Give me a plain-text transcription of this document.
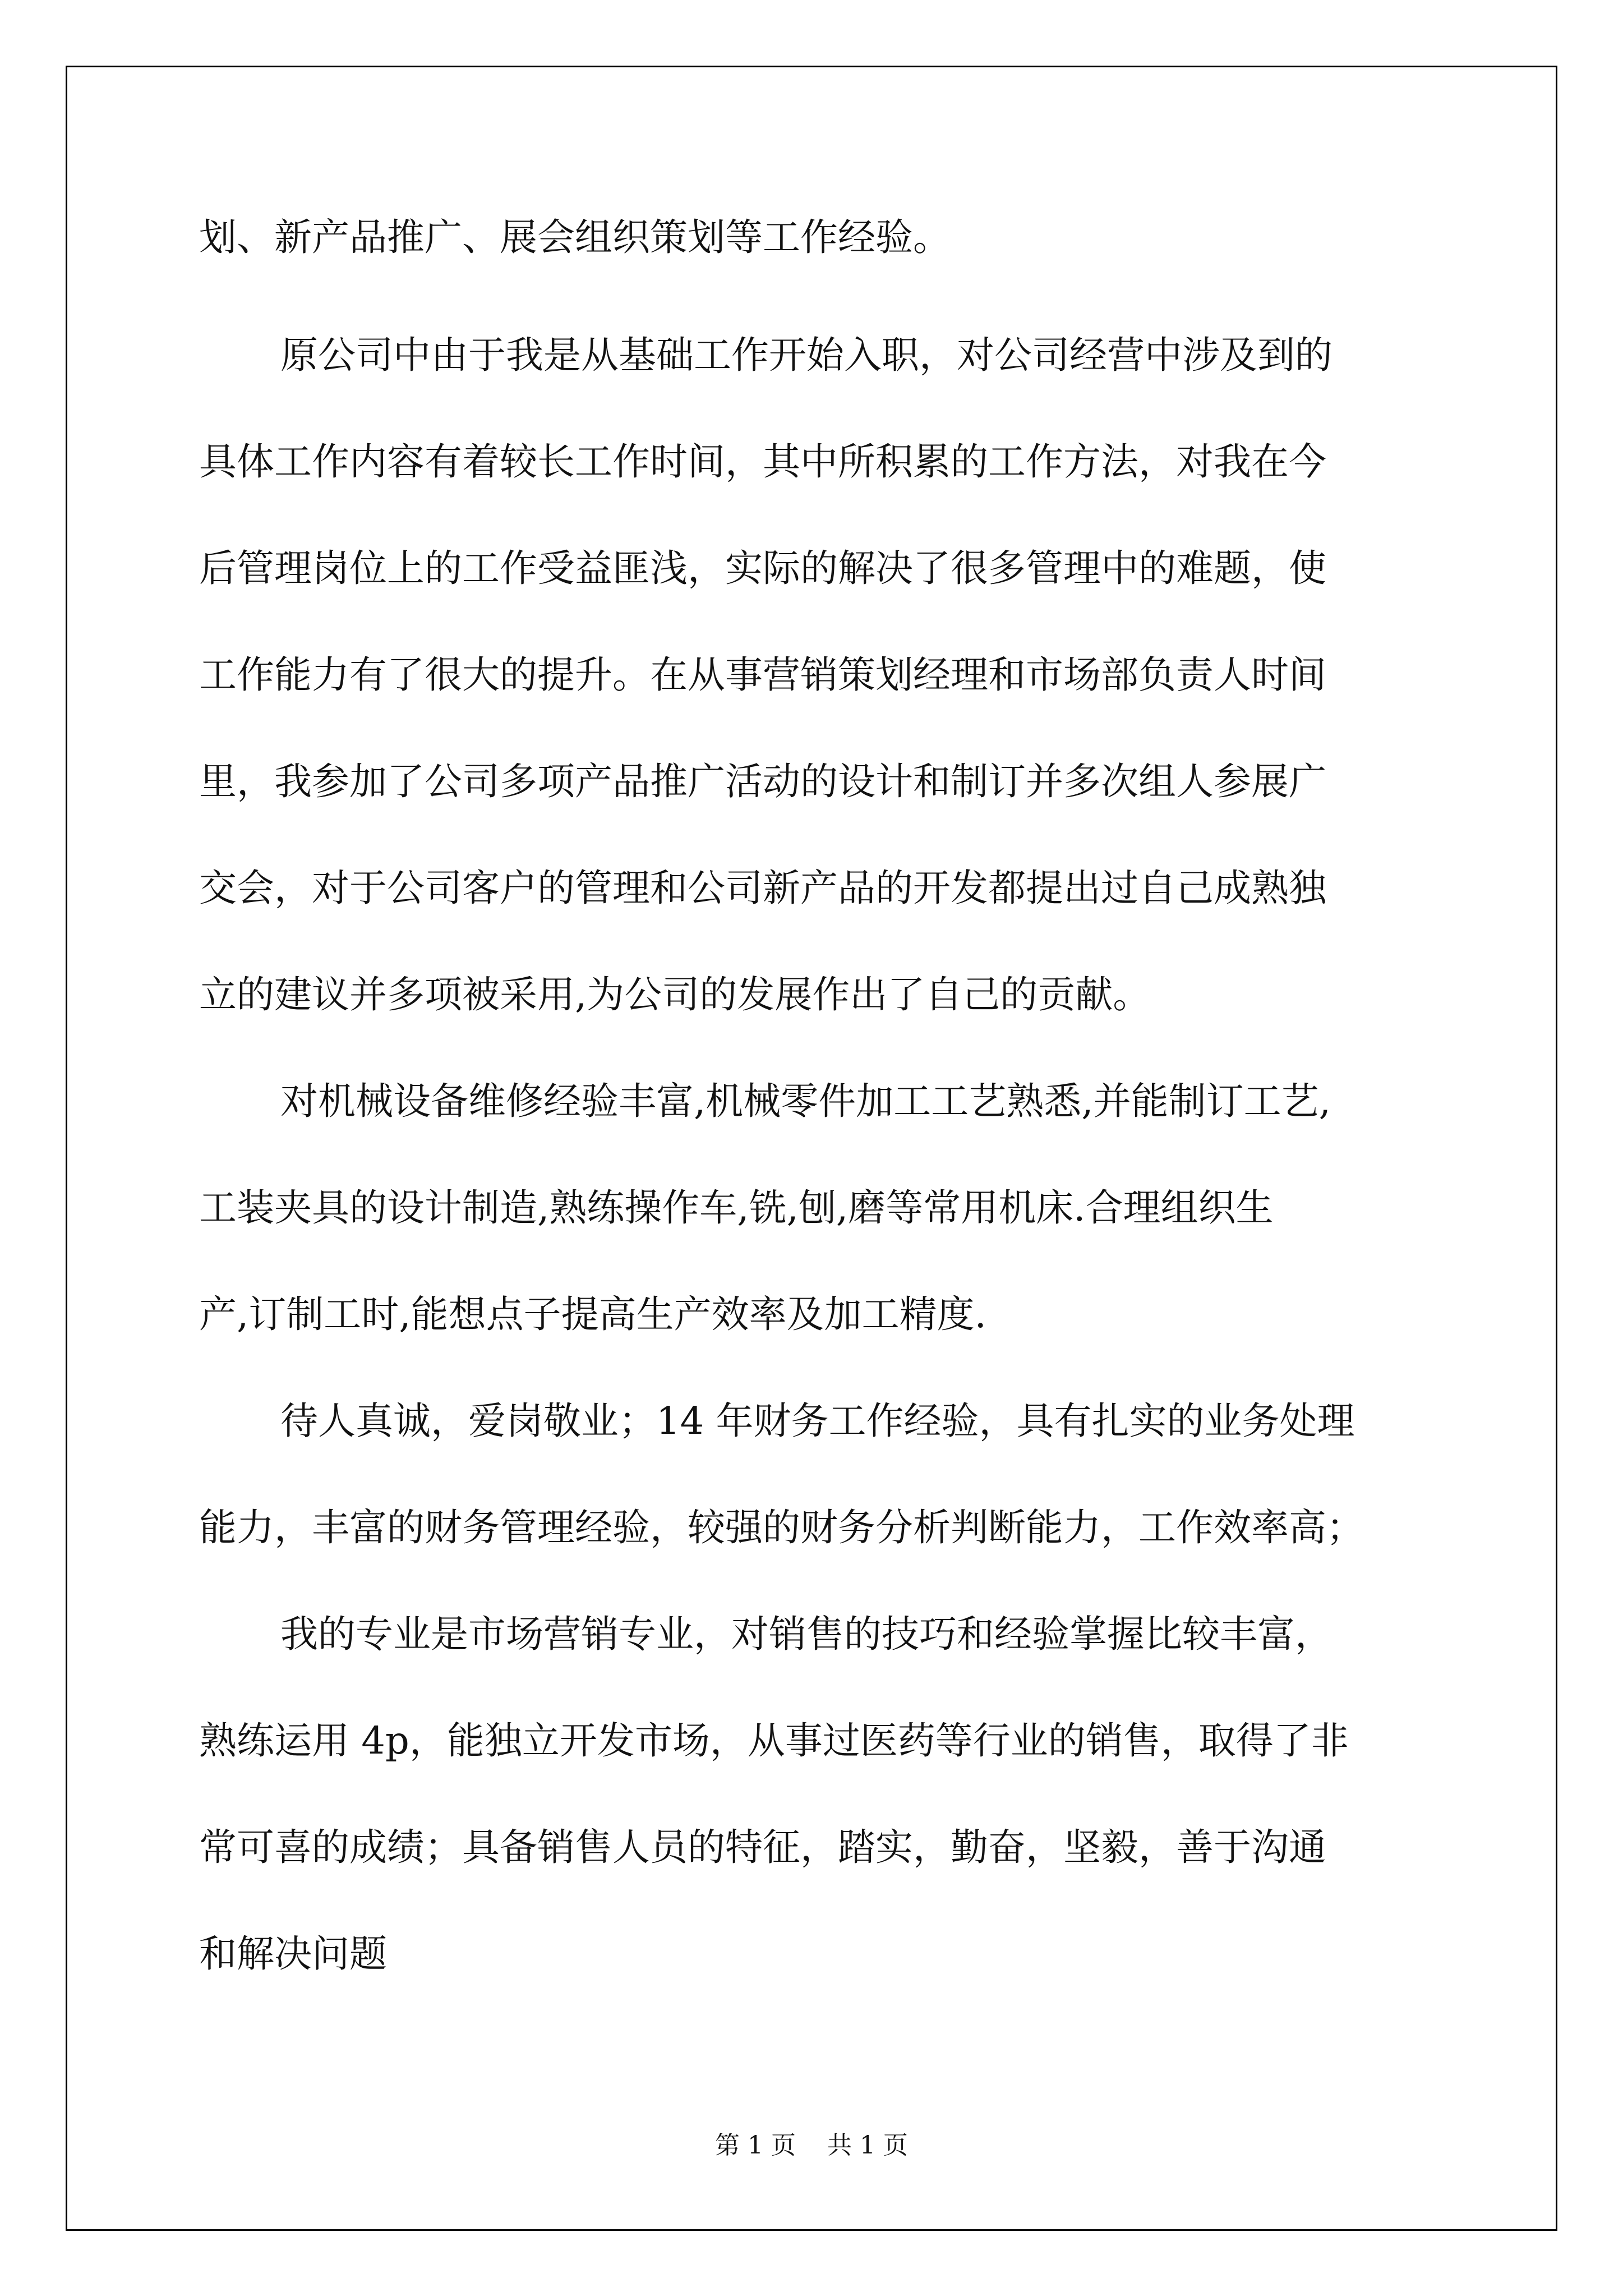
划、新产品推广、展会组织策划等工作经验。
原公司中由于我是从基础工作开始入职，对公司经营中涉及到的
具体工作内容有着较长工作时间，其中所积累的工作方法，对我在今
后管理岗位上的工作受益匪浅，实际的解决了很多管理中的难题，使
工作能力有了很大的提升。在从事营销策划经理和市场部负责人时间
里，我参加了公司多项产品推广活动的设计和制订并多次组人参展广
交会，对于公司客户的管理和公司新产品的开发都提出过自己成熟独
立的建议并多项被采用,为公司的发展作出了自己的贡献。
对机械设备维修经验丰富,机械零件加工工艺熟悉,并能制订工艺,
工装夹具的设计制造,熟练操作车,铣,刨,磨等常用机床.合理组织生
产,订制工时,能想点子提高生产效率及加工精度.
待人真诚，爱岗敬业；14 年财务工作经验，具有扎实的业务处理
能力，丰富的财务管理经验，较强的财务分析判断能力，工作效率高；
我的专业是市场营销专业，对销售的技巧和经验掌握比较丰富，
熟练运用 4p，能独立开发市场，从事过医药等行业的销售，取得了非
常可喜的成绩；具备销售人员的特征，踏实，勤奋，坚毅，善于沟通
和解决问题
第 1 页    共 1 页
